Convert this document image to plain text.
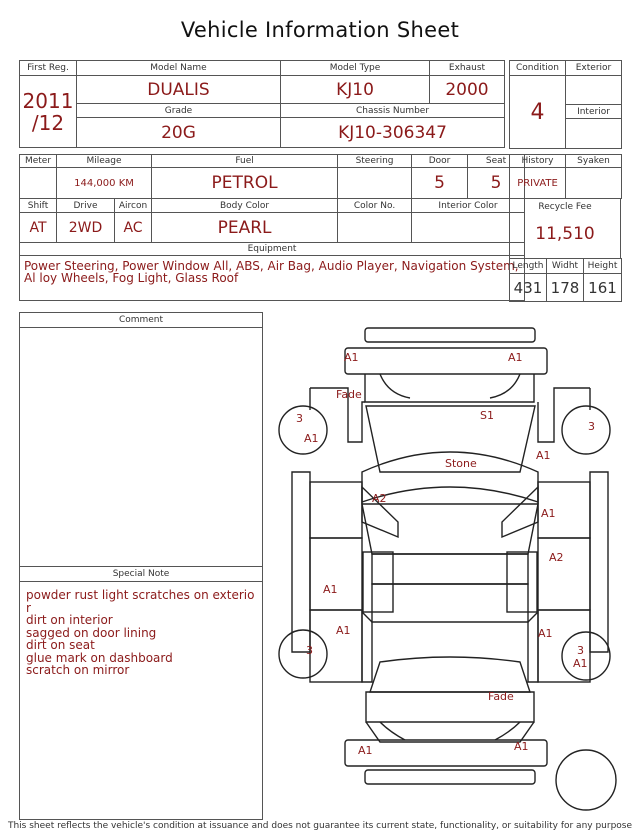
Vehicle Information Sheet
First Reg.	Model Name	Model Type	Exhaust

2011
/12	DUALIS	KJ10	2000
	Grade	Chassis Number	
	20G	KJ10-306347	
Condition	Exterior
4	
	Interior

Meter	Mileage		Fuel	Steering	Door	Seat
	144,000 KM		PETROL		5	5
Shift	Drive	Aircon	Body Color	Color No.	Interior Color	
AT	2WD	AC	PEARL			
Equipment						
Power Steering, Power Window All, ABS, Air Bag, Audio Player, Navigation System, Al loy Wheels, Fog Light, Glass Roof						
History	Syaken
PRIVATE	
Recycle Fee
11,510
Length	Widht	Height
431	178	161
Comment
Special Note
powder rust light scratches on exterio
r
dirt on interior
sagged on door lining
dirt on seat
glue mark on dashboard
scratch on mirror
A1	A1
Fade
3
A1
3
S1
Stone
A1
A2
A1
A2
A1
A1	A1
3	3
A1
Fade
A1	A1
This sheet reflects the vehicle's condition at issuance and does not guarantee its current state, functionality, or suitability for any purpose
